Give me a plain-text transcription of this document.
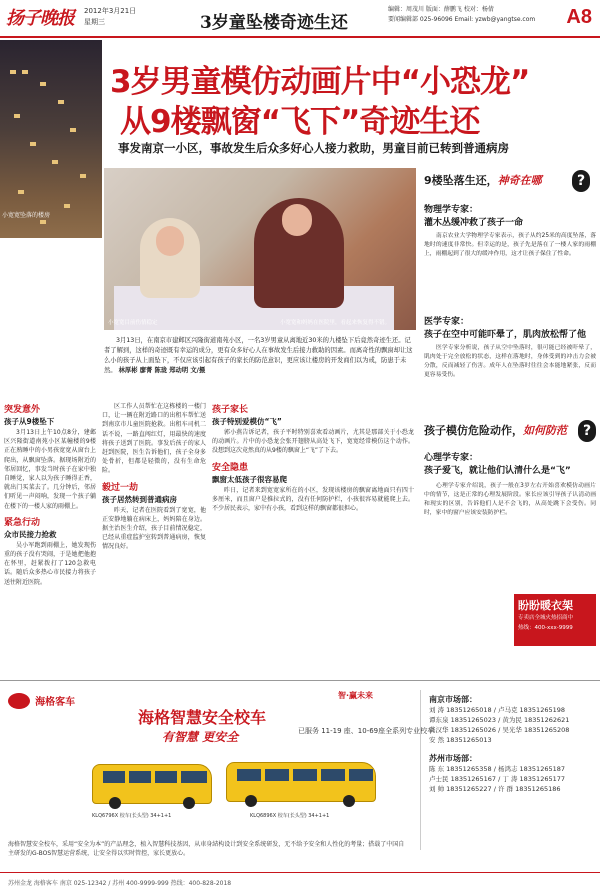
扬子晚报 2012年3月21日
星期三	3岁童坠楼奇迹生还
编辑：周茂川 版面：薛鹏飞 校对：杨倩
要闻编辑部 025-96096 Email: yzwb@yangtse.com	A8
小宽宽坠落的楼房
3岁男童模仿动画片中“小恐龙”
从9楼飘窗“飞下”奇迹生还
事发南京一小区，事故发生后众多好心人接力救助，男童目前已转到普通病房
小宽宽目前伤情稳定	小宽宽和妈妈在医院里，看起来恢复得不错。
3月13日，在南京市建邺区兴隆街道南苑小区，一名3岁男童从离地近30米的九楼坠下后竟然奇迹生还。记者了解到，这样的奇迹既有幸运的成分，更有众多好心人在事故发生后接力救助的因素。而离奇性的飘窗却让这么小的孩子从上面坠下，不仅应该引起有孩子的家长的防范意识，更应该让楼房的开发商们以为戒，防患于未然。 林厚彬 廖菁 陈珑 郑动明 文/摄
突发意外
孩子从9楼坠下

3月13日上午10点8分，建邺区兴隆街道南苑小区某幢楼的9楼正在熟睡中的小男孩宽宽从窗台上爬出，从飘窗坠落。据现场附近的邻居回忆，事发当时孩子在家中独自睡觉，家人以为孩子睡得正香，就出门买菜去了。几分钟后，邻居们听见一声闷响，发现一个孩子躺在楼下的一楼人家的雨棚上。

紧急行动
众市民接力抢救

吴小军跑到雨棚上，她发现伤重的孩子没有哭闹，于是她把他抱在怀里，赶紧拨打了120急救电话。随后众多热心市民接力将孩子送往附近医院。

区工作人员帮忙在这栋楼的一楼门口，让一辆在附近路口的出租车帮忙送到南京市儿童医院抢救。出租车司机二话不说，一路直闯红灯，用最快的速度将孩子送到了医院。事发后孩子的家人赶到医院，医生告诉他们，孩子全身多处骨折，但都是轻微的，没有生命危险。

毅过一劫
孩子居然转到普通病房

昨天，记者在医院看到了宽宽，他正安静地躺在病床上，妈妈陪在身边。据主治医生介绍，孩子目前情况稳定，已经从重症监护室转到普通病房，恢复情况良好。

孩子家长
孩子特别爱模仿“飞”

郭小燕告诉记者，孩子平时特别喜欢看动画片，尤其是那部关于小恐龙的动画片。片中的小恐龙会张开翅膀从高处飞下，宽宽经常模仿这个动作。没想到这次竟然真的从9楼的飘窗上“飞”了下去。

安全隐患
飘窗太低孩子很容易爬

昨日，记者来到宽宽家所在的小区，发现该楼房的飘窗离地面只有四十多厘米，而且窗户是推拉式的，没有任何防护栏，小孩很容易就能爬上去。不少居民表示，家中有小孩，看到这样的飘窗都很担心。

9楼坠落生还，神奇在哪	?
物理学专家：
灌木丛缓冲救了孩子一命

南京农业大学物理学专家表示，孩子从约25米的高度坠落，落地时的速度非常快。但幸运的是，孩子先是落在了一楼人家的雨棚上，雨棚起到了很大的缓冲作用，这才让孩子保住了性命。

医学专家：
孩子在空中可能吓晕了，肌肉放松帮了他

医学专家分析说，孩子从空中坠落时，很可能已经被吓晕了，肌肉处于完全放松的状态，这样在落地时，身体受到的冲击力会被分散，反而减轻了伤害。成年人在坠落时往往会本能地紧张，反而更容易受伤。

孩子模仿危险动作，如何防范	?
心理学专家：
孩子爱飞，就让他们认清什么是“飞”

心理学专家介绍说，孩子一般在3岁左右开始喜欢模仿动画片中的情节，这是正常的心理发展阶段。家长应该引导孩子认清动画和现实的区别，告诉他们人是不会飞的，从高处跳下会受伤。同时，家中的窗户应该安装防护栏。

盼盼暖衣架
专卖店全城火热招商中
热线：400-xxx-9999
海格客车
智·赢未来
海格智慧安全校车
有智慧 更安全	已服务 11-19 座、10-69座全系列专业校车
KLQ6796X 校车(长头型) 34+1+1	KLQ6896X 校车(长头型) 34+1+1
海格智慧安全校车，采用“安全为本”的产品理念，植入智慧科技基因，从車身結构设计到安全系统研发，无不给予安全和人性化的考量；搭载了中国自主研发的G-BOS智慧运营系统，让安全得以实时管控，家长更放心。
南京市场部：
刘 涛 18351265018 / 卢马克 18351265198
谭东泉 18351265023 / 黄为民 18351262621
龚汉华 18351265026 / 吴光华 18351265208
安 然 18351265013
苏州市场部：
陈 东 18351265358 / 杨鸿志 18351265187
卢士民 18351265167 / 丁 涛 18351265177
刘 帅 18351265227 / 许 群 18351265186
苏州金龙 海格客车 南京 025-12342 / 苏州 400-9999-999 热线：400-828-2018
